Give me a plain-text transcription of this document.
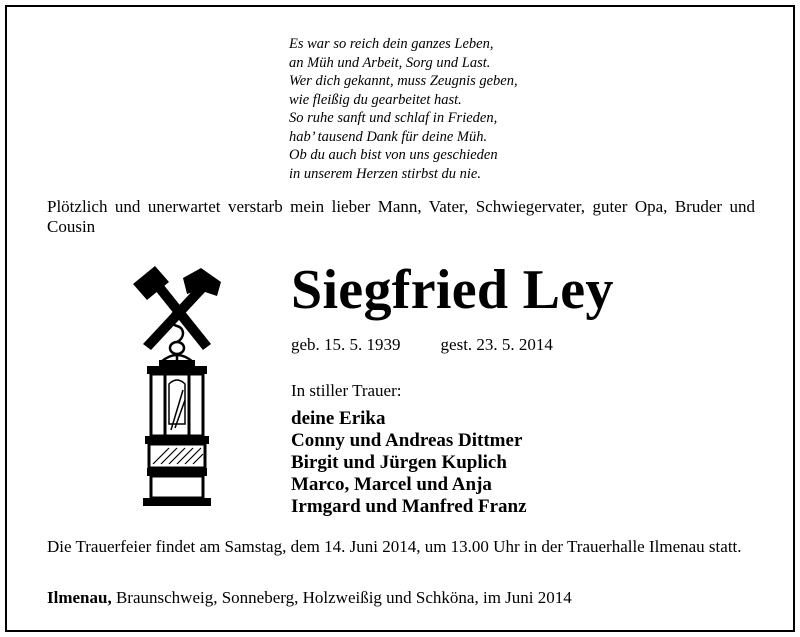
Es war so reich dein ganzes Leben,
an Müh und Arbeit, Sorg und Last.
Wer dich gekannt, muss Zeugnis geben,
wie fleißig du gearbeitet hast.
So ruhe sanft und schlaf in Frieden,
hab’ tausend Dank für deine Müh.
Ob du auch bist von uns geschieden
in unserem Herzen stirbst du nie.
Plötzlich und unerwartet verstarb mein lieber Mann, Vater, Schwiegervater, guter Opa, Bruder und Cousin
Siegfried Ley
geb. 15. 5. 1939 gest. 23. 5. 2014
In stiller Trauer:
deine Erika
Conny und Andreas Dittmer
Birgit und Jürgen Kuplich
Marco, Marcel und Anja
Irmgard und Manfred Franz
Die Trauerfeier findet am Samstag, dem 14. Juni 2014, um 13.00 Uhr in der Trauerhalle Ilmenau statt.
Ilmenau, Braunschweig, Sonneberg, Holzweißig und Schköna, im Juni 2014
